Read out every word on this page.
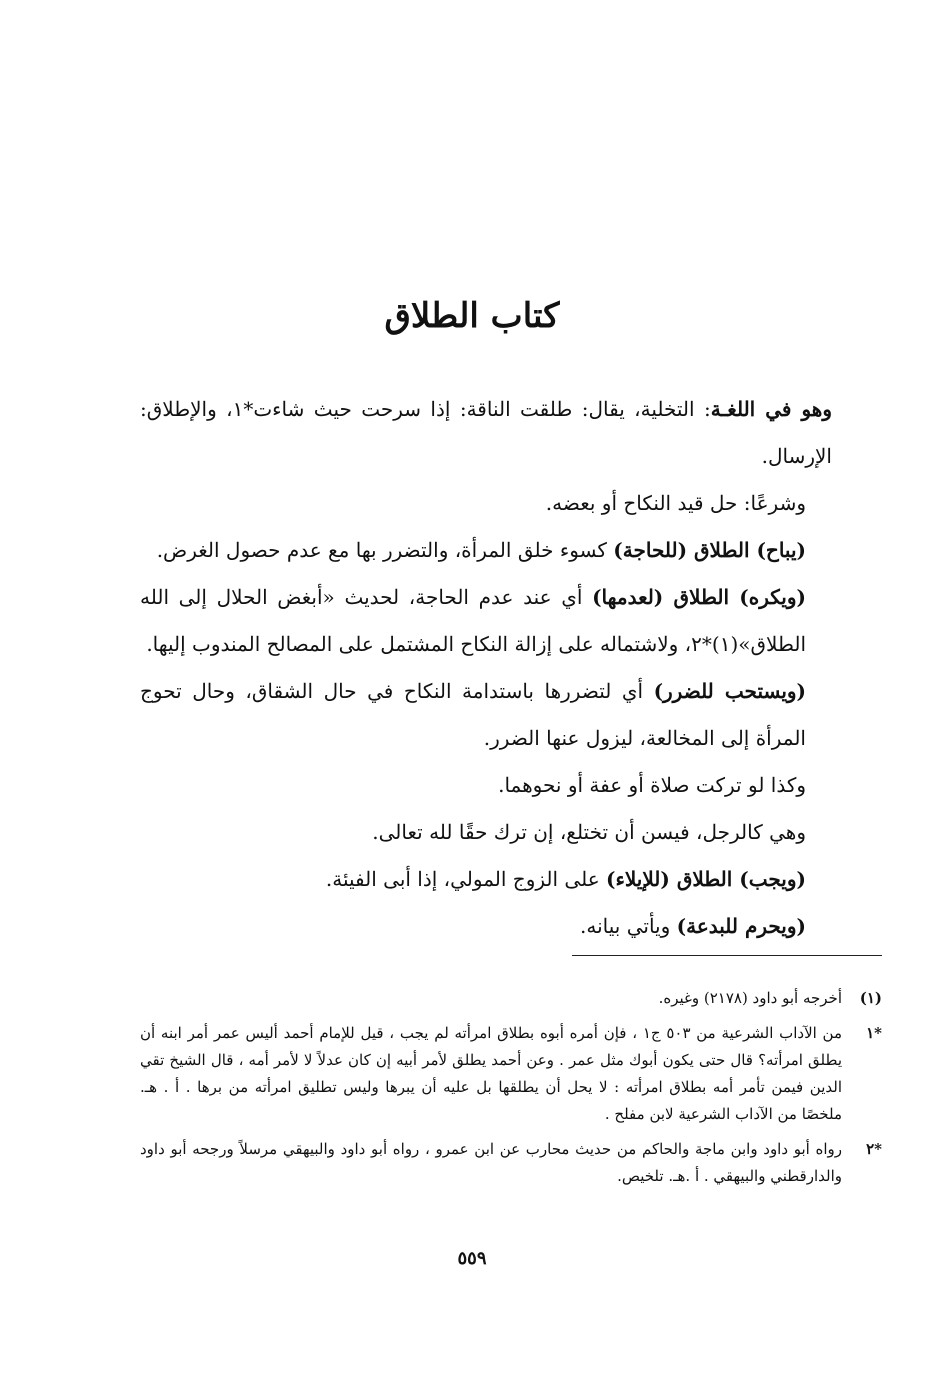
كتاب الطلاق

وهو في اللغـة: التخلية، يقال: طلقت الناقة: إذا سرحت حيث شاءت*١، والإطلاق: الإرسال.

وشرعًا: حل قيد النكاح أو بعضه.

(يباح) الطلاق (للحاجة) كسوء خلق المرأة، والتضرر بها مع عدم حصول الغرض.

(ويكره) الطلاق (لعدمها) أي عند عدم الحاجة، لحديث «أبغض الحلال إلى الله الطلاق»(١)*٢، ولاشتماله على إزالة النكاح المشتمل على المصالح المندوب إليها.

(ويستحب للضرر) أي لتضررها باستدامة النكاح في حال الشقاق، وحال تحوج المرأة إلى المخالعة، ليزول عنها الضرر.

وكذا لو تركت صلاة أو عفة أو نحوهما.

وهي كالرجل، فيسن أن تختلع، إن ترك حقًا لله تعالى.

(ويجب) الطلاق (للإيلاء) على الزوج المولي، إذا أبى الفيئة.

(ويحرم للبدعة) ويأتي بيانه.

(١)
أخرجه أبو داود (٢١٧٨) وغيره.
*١
من الآداب الشرعية من ٥٠٣ ج١ ، فإن أمره أبوه بطلاق امرأته لم يجب ، قيل للإمام أحمد أليس عمر أمر ابنه أن يطلق امرأته؟ قال حتى يكون أبوك مثل عمر . وعن أحمد يطلق لأمر أبيه إن كان عدلاً لا لأمر أمه ، قال الشيخ تقي الدين فيمن تأمر أمه بطلاق امرأته : لا يحل أن يطلقها بل عليه أن يبرها وليس تطليق امرأته من برها . أ . هـ. ملخصًا من الآداب الشرعية لابن مفلح .
*٢
رواه أبو داود وابن ماجة والحاكم من حديث محارب عن ابن عمرو ، رواه أبو داود والبيهقي مرسلاً ورجحه أبو داود والدارقطني والبيهقي . أ .هـ. تلخيص.
٥٥٩
